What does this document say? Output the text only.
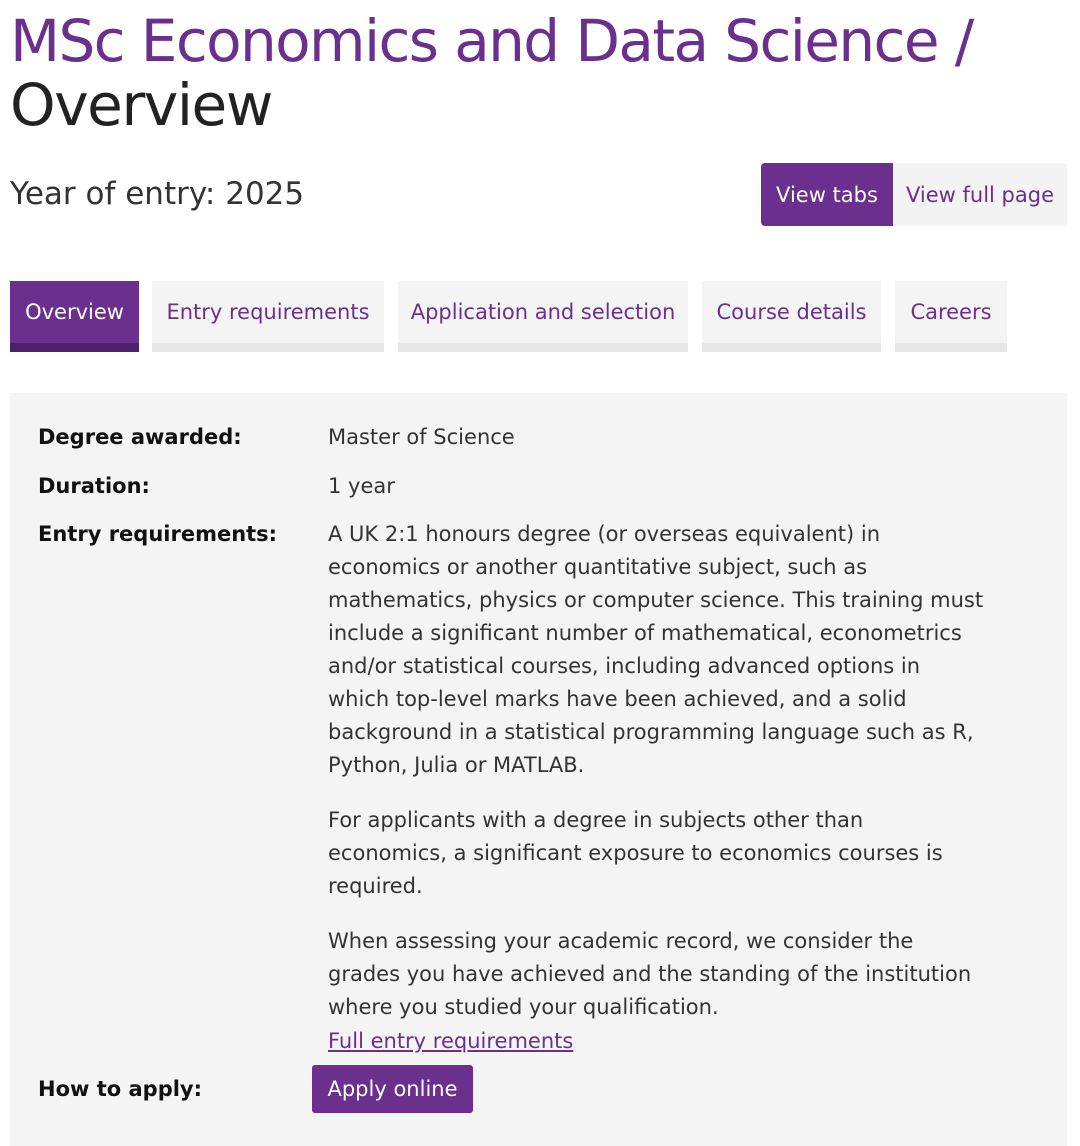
MSc Economics and Data Science /
Overview
Year of entry: 2025	View tabs	View full page
Overview	Entry requirements	Application and selection	Course details	Careers
Degree awarded:	Master of Science
Duration:	1 year
Entry requirements: A UK 2:1 honours degree (or overseas equivalent) in
economics or another quantitative subject, such as
mathematics, physics or computer science. This training must
include a significant number of mathematical, econometrics
and/or statistical courses, including advanced options in
which top-level marks have been achieved, and a solid
background in a statistical programming language such as R,
Python, Julia or MATLAB.

For applicants with a degree in subjects other than
economics, a significant exposure to economics courses is
required.

When assessing your academic record, we consider the
grades you have achieved and the standing of the institution
where you studied your qualification.

Full entry requirements
How to apply:	Apply online
